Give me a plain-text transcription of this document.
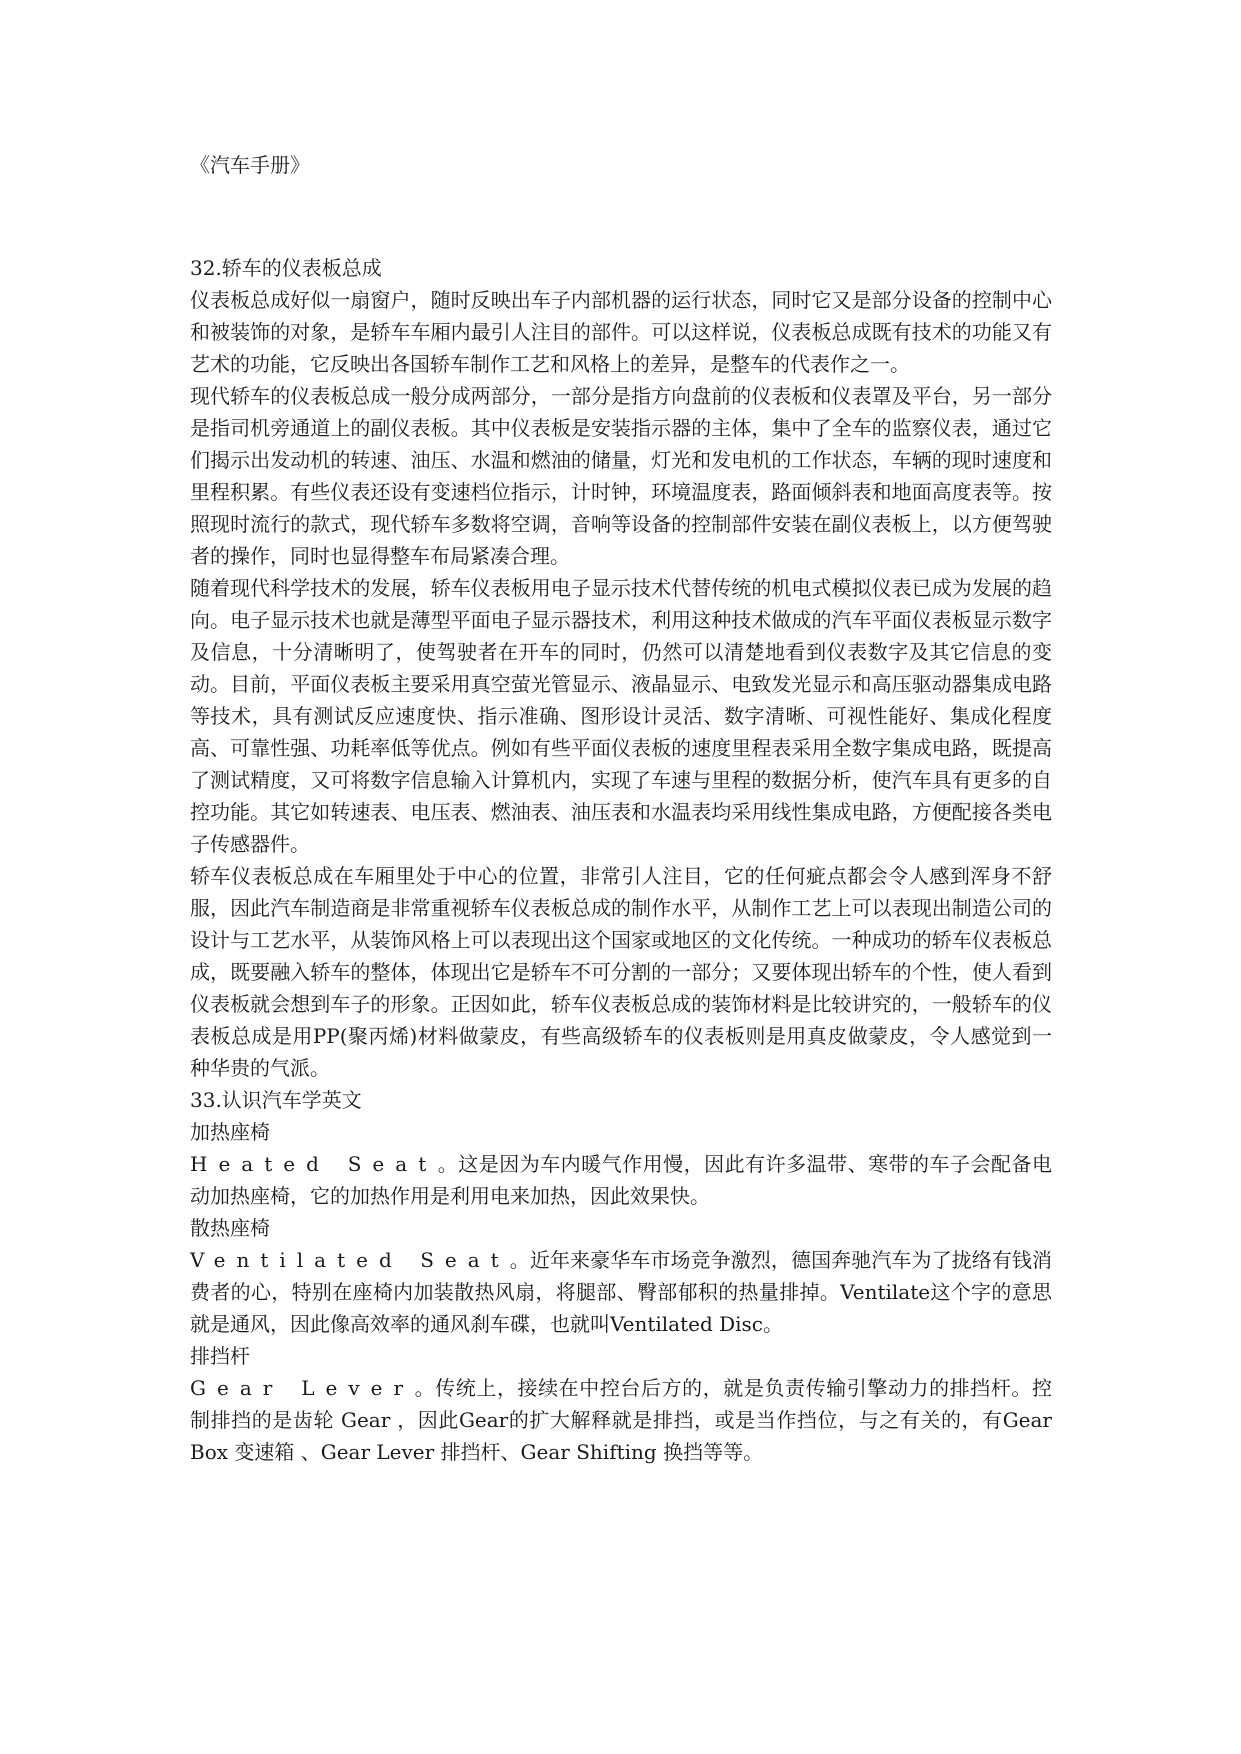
《汽车手册》

32.轿车的仪表板总成

仪表板总成好似一扇窗户，随时反映出车子内部机器的运行状态，同时它又是部分设备的控制中心和被装饰的对象，是轿车车厢内最引人注目的部件。可以这样说，仪表板总成既有技术的功能又有艺术的功能，它反映出各国轿车制作工艺和风格上的差异，是整车的代表作之一。

现代轿车的仪表板总成一般分成两部分，一部分是指方向盘前的仪表板和仪表罩及平台，另一部分是指司机旁通道上的副仪表板。其中仪表板是安装指示器的主体，集中了全车的监察仪表，通过它们揭示出发动机的转速、油压、水温和燃油的储量，灯光和发电机的工作状态，车辆的现时速度和里程积累。有些仪表还设有变速档位指示，计时钟，环境温度表，路面倾斜表和地面高度表等。按照现时流行的款式，现代轿车多数将空调，音响等设备的控制部件安装在副仪表板上，以方便驾驶者的操作，同时也显得整车布局紧凑合理。

随着现代科学技术的发展，轿车仪表板用电子显示技术代替传统的机电式模拟仪表已成为发展的趋向。电子显示技术也就是薄型平面电子显示器技术，利用这种技术做成的汽车平面仪表板显示数字及信息，十分清晰明了，使驾驶者在开车的同时，仍然可以清楚地看到仪表数字及其它信息的变动。目前，平面仪表板主要采用真空萤光管显示、液晶显示、电致发光显示和高压驱动器集成电路等技术，具有测试反应速度快、指示准确、图形设计灵活、数字清晰、可视性能好、集成化程度高、可靠性强、功耗率低等优点。例如有些平面仪表板的速度里程表采用全数字集成电路，既提高了测试精度，又可将数字信息输入计算机内，实现了车速与里程的数据分析，使汽车具有更多的自控功能。其它如转速表、电压表、燃油表、油压表和水温表均采用线性集成电路，方便配接各类电子传感器件。

轿车仪表板总成在车厢里处于中心的位置，非常引人注目，它的任何疵点都会令人感到浑身不舒服，因此汽车制造商是非常重视轿车仪表板总成的制作水平，从制作工艺上可以表现出制造公司的设计与工艺水平，从装饰风格上可以表现出这个国家或地区的文化传统。一种成功的轿车仪表板总成，既要融入轿车的整体，体现出它是轿车不可分割的一部分；又要体现出轿车的个性，使人看到仪表板就会想到车子的形象。正因如此，轿车仪表板总成的装饰材料是比较讲究的，一般轿车的仪表板总成是用PP(聚丙烯)材料做蒙皮，有些高级轿车的仪表板则是用真皮做蒙皮，令人感觉到一种华贵的气派。

33.认识汽车学英文

加热座椅

Heated Seat。这是因为车内暖气作用慢，因此有许多温带、寒带的车子会配备电动加热座椅，它的加热作用是利用电来加热，因此效果快。

散热座椅

Ventilated Seat。近年来豪华车市场竞争激烈，德国奔驰汽车为了拢络有钱消费者的心，特别在座椅内加装散热风扇，将腿部、臀部郁积的热量排掉。Ventilate这个字的意思就是通风，因此像高效率的通风刹车碟，也就叫Ventilated Disc。

排挡杆

Gear Lever。传统上，接续在中控台后方的，就是负责传输引擎动力的排挡杆。控制排挡的是齿轮 Gear ，因此Gear的扩大解释就是排挡，或是当作挡位，与之有关的，有Gear Box 变速箱 、Gear Lever 排挡杆、Gear Shifting 换挡等等。
